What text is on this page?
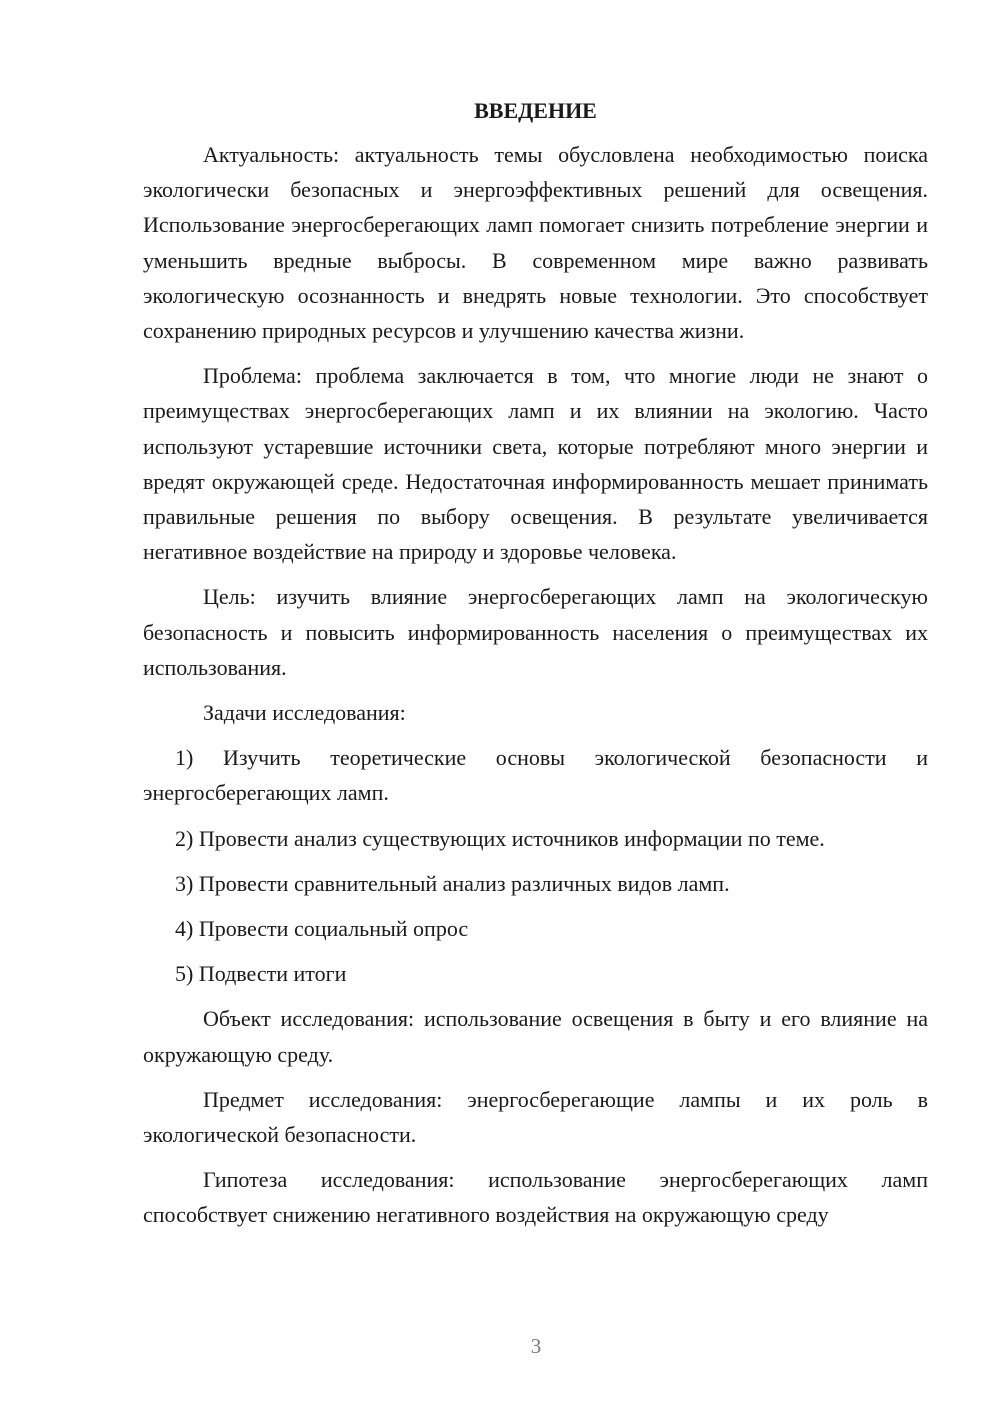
ВВЕДЕНИЕ

Актуальность: актуальность темы обусловлена необходимостью поиска экологически безопасных и энергоэффективных решений для освещения. Использование энергосберегающих ламп помогает снизить потребление энергии и уменьшить вредные выбросы. В современном мире важно развивать экологическую осознанность и внедрять новые технологии. Это способствует сохранению природных ресурсов и улучшению качества жизни.

Проблема: проблема заключается в том, что многие люди не знают о преимуществах энергосберегающих ламп и их влиянии на экологию. Часто используют устаревшие источники света, которые потребляют много энергии и вредят окружающей среде. Недостаточная информированность мешает принимать правильные решения по выбору освещения. В результате увеличивается негативное воздействие на природу и здоровье человека.

Цель: изучить влияние энергосберегающих ламп на экологическую безопасность и повысить информированность населения о преимуществах их использования.

Задачи исследования:

1) Изучить теоретические основы экологической безопасности и энергосберегающих ламп.

2) Провести анализ существующих источников информации по теме.

3) Провести сравнительный анализ различных видов ламп.

4) Провести социальный опрос

5) Подвести итоги

Объект исследования: использование освещения в быту и его влияние на окружающую среду.

Предмет исследования: энергосберегающие лампы и их роль в экологической безопасности.

Гипотеза исследования: использование энергосберегающих ламп способствует снижению негативного воздействия на окружающую среду

3
